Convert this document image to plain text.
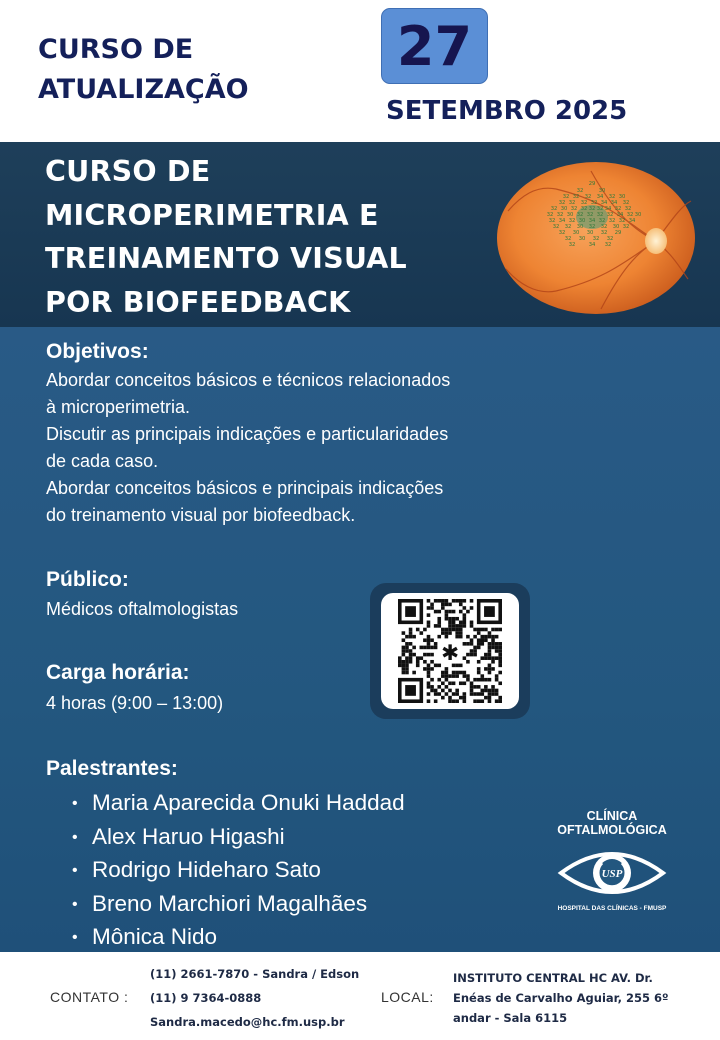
CURSO DE
ATUALIZAÇÃO
27
SETEMBRO 2025
CURSO DE
MICROPERIMETRIA E
TREINAMENTO VISUAL
POR BIOFEEDBACK
29
32	30
32 32 32 34 32 30
32 32 32 32 34 34 32
32 30 32 32 32 32 34 32 32
32 32 30 32 32 32 32 34 32 30
32 34 32 30 34 32 32 32 34
32 32 30 32 32 30 32
32 30 30 32 29
32 30 32 32
32	34 32
Objetivos:
Abordar conceitos básicos e técnicos relacionados
à microperimetria.
Discutir as principais indicações e particularidades
de cada caso.
Abordar conceitos básicos e principais indicações
do treinamento visual por biofeedback.
Público:
Médicos oftalmologistas
Carga horária:
4 horas (9:00 – 13:00)
✱
Palestrantes:
• Maria Aparecida Onuki Haddad
• Alex Haruo Higashi
• Rodrigo Hideharo Sato
• Breno Marchiori Magalhães
• Mônica Nido
CLÍNICA
OFTALMOLÓGICA
USP
HOSPITAL DAS CLÍNICAS - FMUSP
CONTATO :
(11) 2661-7870 - Sandra / Edson
(11) 9 7364-0888
Sandra.macedo@hc.fm.usp.br
LOCAL:
INSTITUTO CENTRAL HC AV. Dr.
Enéas de Carvalho Aguiar, 255 6º
andar - Sala 6115
